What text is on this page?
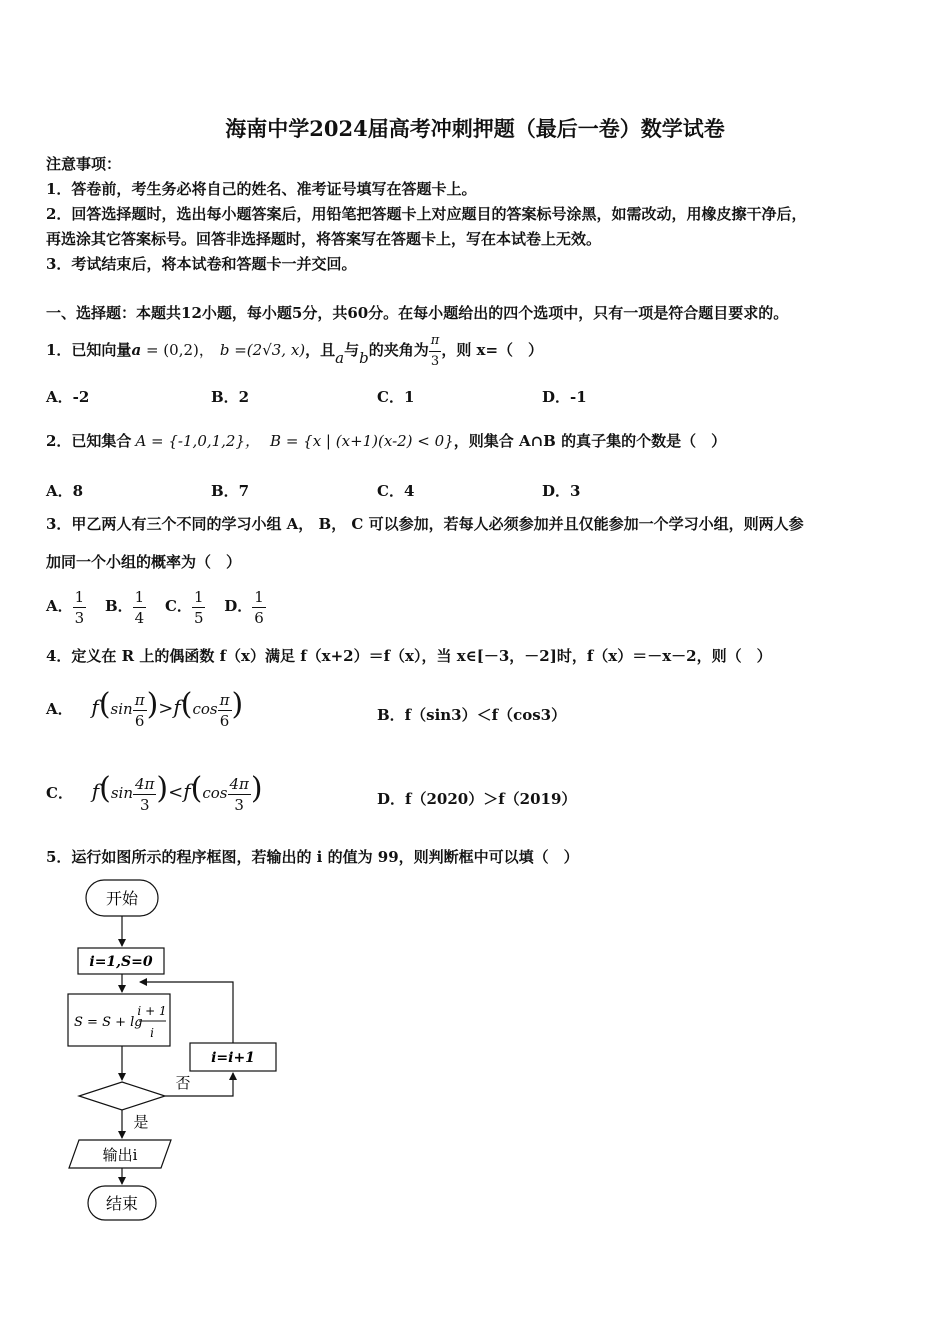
海南中学2024届高考冲刺押题（最后一卷）数学试卷
注意事项：
1．答卷前，考生务必将自己的姓名、准考证号填写在答题卡上。
2．回答选择题时，选出每小题答案后，用铅笔把答题卡上对应题目的答案标号涂黑，如需改动，用橡皮擦干净后，
再选涂其它答案标号。回答非选择题时，将答案写在答题卡上，写在本试卷上无效。
3．考试结束后，将本试卷和答题卡一并交回。
一、选择题：本题共12小题，每小题5分，共60分。在每小题给出的四个选项中，只有一项是符合题目要求的。
1．已知向量a = (0,2)， b =(2√3, x)，且a与b的夹角为 $\frac{\pi}{3}$ ，则 x=（　）
A．-2	B．2	C．1	D．-1
2．已知集合 A = {-1,0,1,2}， B = {x | (x+1)(x-2) < 0}，则集合 A∩B 的真子集的个数是（　）
A．8	B．7	C．4	D．3
3．甲乙两人有三个不同的学习小组 A， B， C 可以参加，若每人必须参加并且仅能参加一个学习小组，则两人参
加同一个小组的概率为（　）
A． $\frac{1}{3}$ B． $\frac{1}{4}$ C． $\frac{1}{5}$ D． $\frac{1}{6}$
4．定义在 R 上的偶函数 f（x）满足 f（x+2）＝f（x），当 x∈[－3，－2]时，f（x）＝－x－2，则（　）
A． $f(\sin \frac{\pi}{6} )>f(\cos \frac{\pi}{6}$ )	B．f（sin3）＜f（cos3）
C． $f(\sin \frac{4\pi}{3} )<f(\cos \frac{4\pi}{3}$ )	D．f（2020）＞f（2019）
5．运行如图所示的程序框图，若输出的 i 的值为 99，则判断框中可以填（　）
开始
i=1,S=0
S = S + lg
i + 1
i
否
i=i+1
是
输出i
结束
